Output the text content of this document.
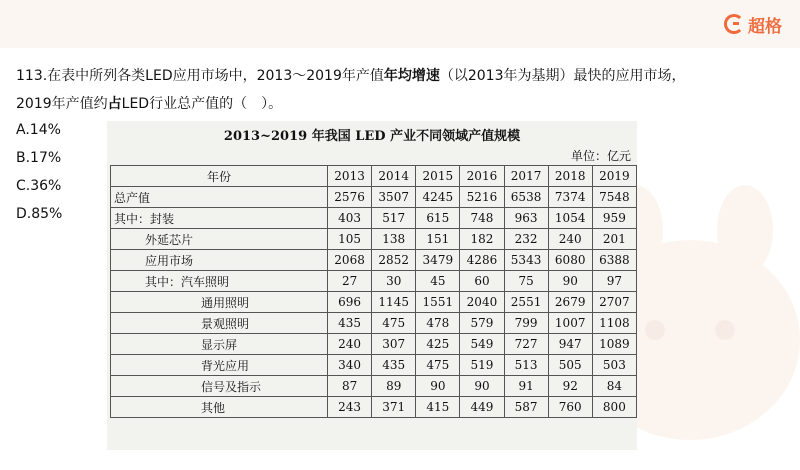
超格
113.在表中所列各类LED应用市场中，2013～2019年产值年均增速（以2013年为基期）最快的应用市场，
2019年产值约占LED行业总产值的（　）。
A.14%
B.17%
C.36%
D.85%
2013~2019 年我国 LED 产业不同领域产值规模
单位：亿元
年份	2013	2014	2015	2016	2017	2018	2019
总产值	2576	3507	4245	5216	6538	7374	7548
其中：封装	403	517	615	748	963	1054	959
外延芯片	105	138	151	182	232	240	201
应用市场	2068	2852	3479	4286	5343	6080	6388
其中：汽车照明	27	30	45	60	75	90	97
通用照明	696	1145	1551	2040	2551	2679	2707
景观照明	435	475	478	579	799	1007	1108
显示屏	240	307	425	549	727	947	1089
背光应用	340	435	475	519	513	505	503
信号及指示	87	89	90	90	91	92	84
其他	243	371	415	449	587	760	800
